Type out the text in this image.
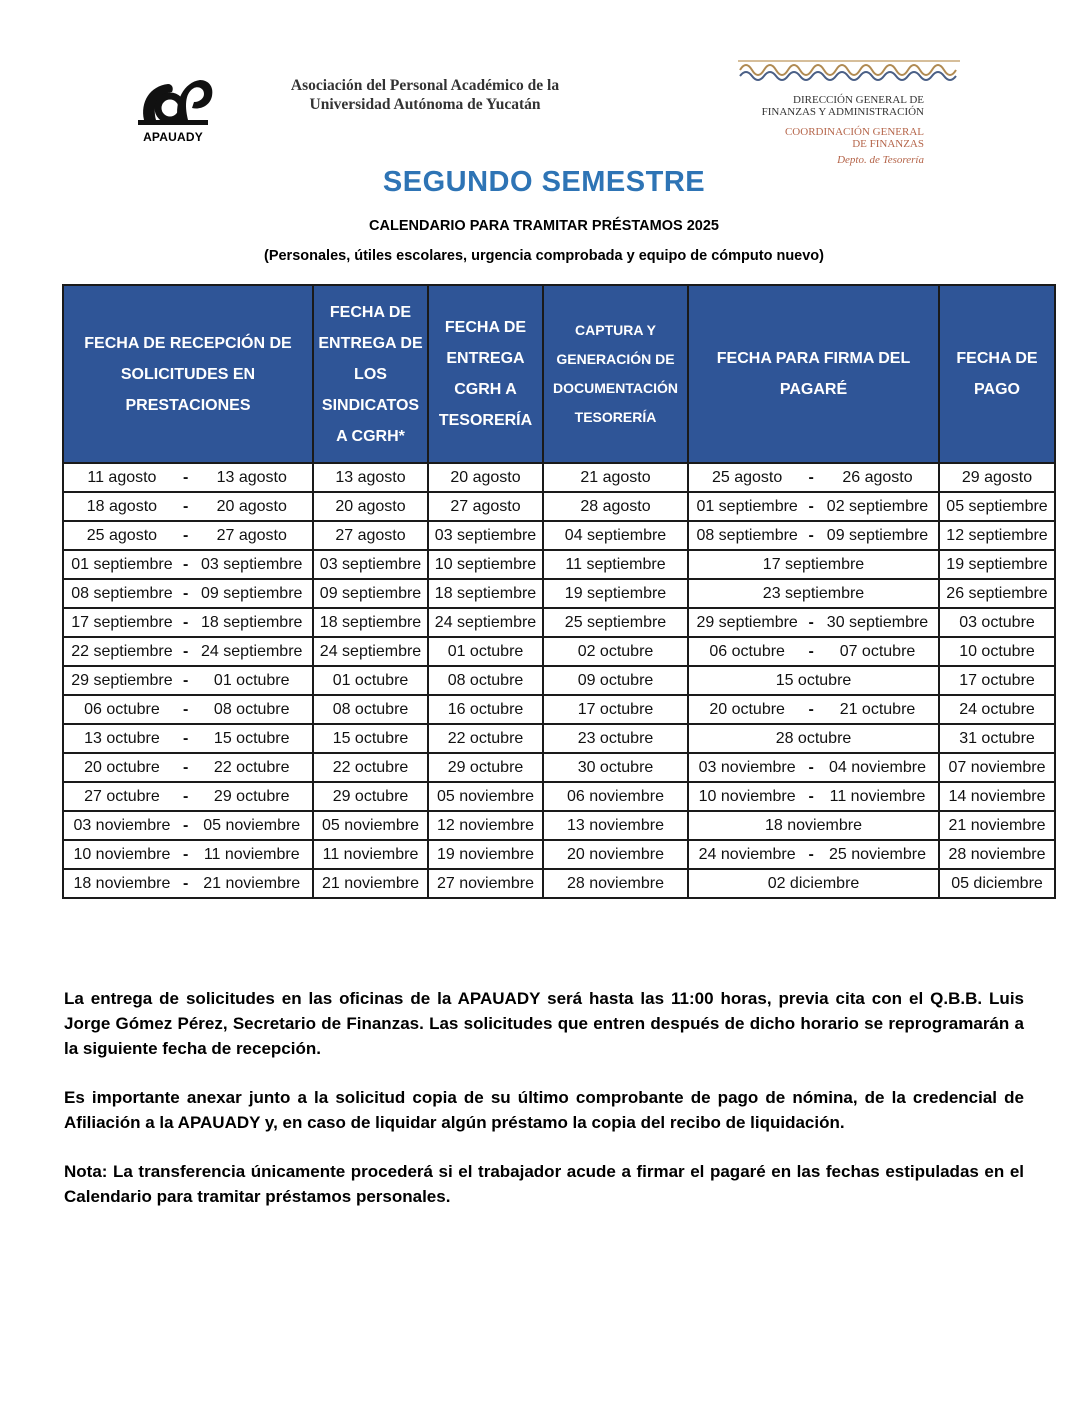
APAUADY
Asociación del Personal Académico de la
Universidad Autónoma de Yucatán	DIRECCIÓN GENERAL DE
FINANZAS Y ADMINISTRACIÓN
COORDINACIÓN GENERAL
DE FINANZAS
Depto. de Tesorería
SEGUNDO SEMESTRE
CALENDARIO PARA TRAMITAR PRÉSTAMOS 2025
(Personales, útiles escolares, urgencia comprobada y equipo de cómputo nuevo)
FECHA DE RECEPCIÓN DE SOLICITUDES EN PRESTACIONES	FECHA DE ENTREGA DE LOS SINDICATOS A CGRH*	FECHA DE ENTREGA CGRH A TESORERÍA	CAPTURA Y GENERACIÓN DE DOCUMENTACIÓN TESORERÍA	FECHA PARA FIRMA DEL PAGARÉ	FECHA DE PAGO

11 agosto - 13 agosto	13 agosto	20 agosto	21 agosto	25 agosto - 26 agosto	29 agosto

18 agosto - 20 agosto	20 agosto	27 agosto	28 agosto	01 septiembre - 02 septiembre	05 septiembre

25 agosto - 27 agosto	27 agosto	03 septiembre	04 septiembre	08 septiembre - 09 septiembre	12 septiembre

01 septiembre - 03 septiembre	03 septiembre	10 septiembre	11 septiembre	17 septiembre	19 septiembre

08 septiembre - 09 septiembre	09 septiembre	18 septiembre	19 septiembre	23 septiembre	26 septiembre

17 septiembre - 18 septiembre	18 septiembre	24 septiembre	25 septiembre	29 septiembre - 30 septiembre	03 octubre

22 septiembre - 24 septiembre	24 septiembre	01 octubre	02 octubre	06 octubre - 07 octubre	10 octubre

29 septiembre - 01 octubre	01 octubre	08 octubre	09 octubre	15 octubre	17 octubre

06 octubre - 08 octubre	08 octubre	16 octubre	17 octubre	20 octubre - 21 octubre	24 octubre

13 octubre - 15 octubre	15 octubre	22 octubre	23 octubre	28 octubre	31 octubre

20 octubre - 22 octubre	22 octubre	29 octubre	30 octubre	03 noviembre - 04 noviembre	07 noviembre

27 octubre - 29 octubre	29 octubre	05 noviembre	06 noviembre	10 noviembre - 11 noviembre	14 noviembre

03 noviembre - 05 noviembre	05 noviembre	12 noviembre	13 noviembre	18 noviembre	21 noviembre

10 noviembre - 11 noviembre	11 noviembre	19 noviembre	20 noviembre	24 noviembre - 25 noviembre	28 noviembre

18 noviembre - 21 noviembre	21 noviembre	27 noviembre	28 noviembre	02 diciembre	05 diciembre

La entrega de solicitudes en las oficinas de la APAUADY será hasta las 11:00 horas, previa cita con el Q.B.B. Luis Jorge Gómez Pérez, Secretario de Finanzas. Las solicitudes que entren después de dicho horario se reprogramarán a la siguiente fecha de recepción.

Es importante anexar junto a la solicitud copia de su último comprobante de pago de nómina, de la credencial de Afiliación a la APAUADY y, en caso de liquidar algún préstamo la copia del recibo de liquidación.

Nota: La transferencia únicamente procederá si el trabajador acude a firmar el pagaré en las fechas estipuladas en el Calendario para tramitar préstamos personales.
